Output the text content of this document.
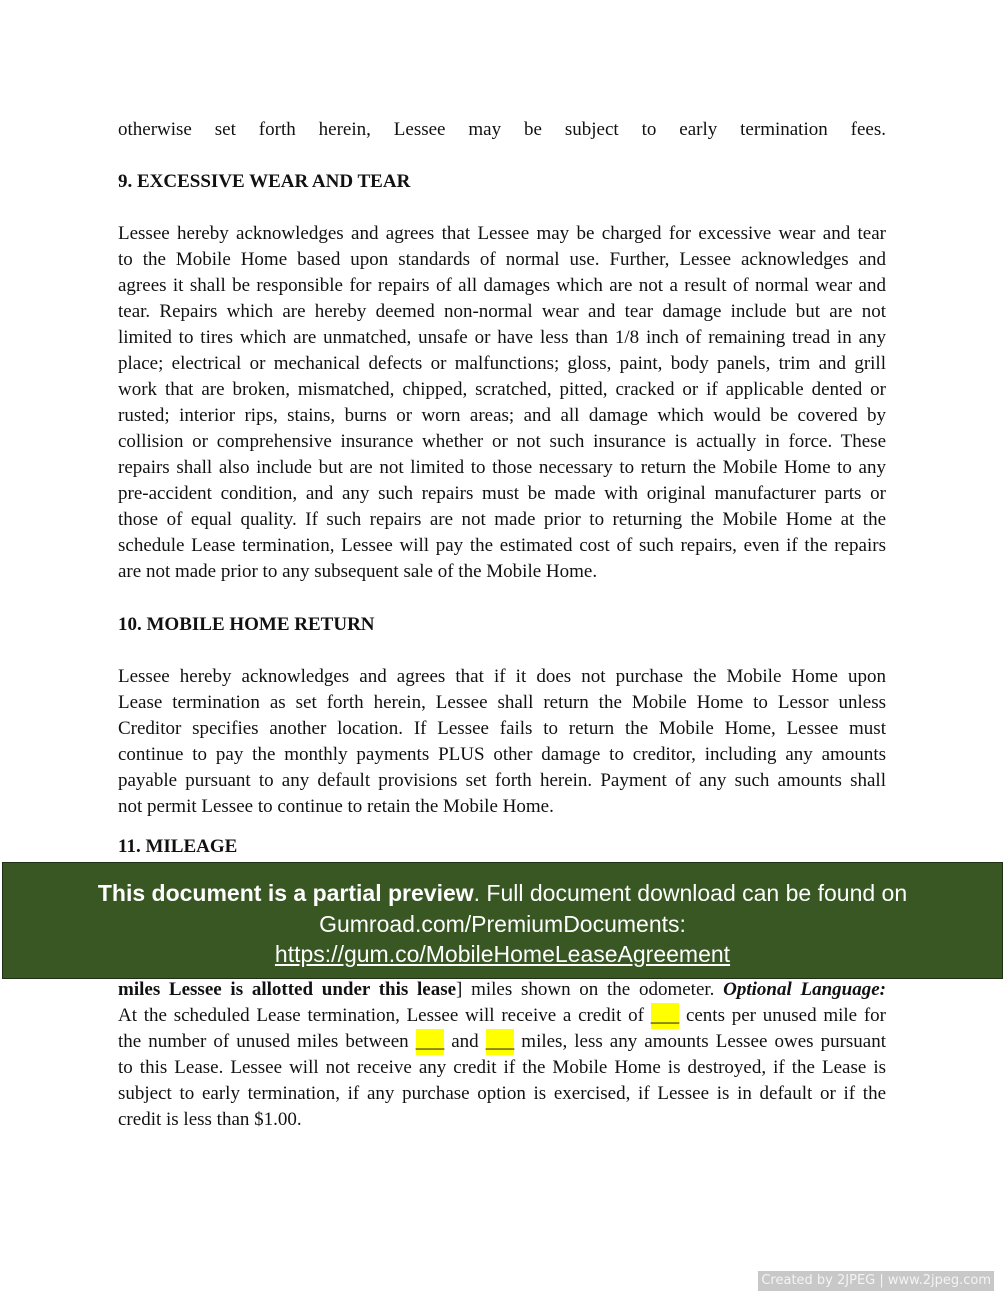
otherwise set forth herein, Lessee may be subject to early termination fees.
9. EXCESSIVE WEAR AND TEAR
Lessee hereby acknowledges and agrees that Lessee may be charged for excessive wear and tear
to the Mobile Home based upon standards of normal use. Further, Lessee acknowledges and
agrees it shall be responsible for repairs of all damages which are not a result of normal wear and
tear. Repairs which are hereby deemed non-normal wear and tear damage include but are not
limited to tires which are unmatched, unsafe or have less than 1/8 inch of remaining tread in any
place; electrical or mechanical defects or malfunctions; gloss, paint, body panels, trim and grill
work that are broken, mismatched, chipped, scratched, pitted, cracked or if applicable dented or
rusted; interior rips, stains, burns or worn areas; and all damage which would be covered by
collision or comprehensive insurance whether or not such insurance is actually in force. These
repairs shall also include but are not limited to those necessary to return the Mobile Home to any
pre-accident condition, and any such repairs must be made with original manufacturer parts or
those of equal quality. If such repairs are not made prior to returning the Mobile Home at the
schedule Lease termination, Lessee will pay the estimated cost of such repairs, even if the repairs
are not made prior to any subsequent sale of the Mobile Home.
10. MOBILE HOME RETURN
Lessee hereby acknowledges and agrees that if it does not purchase the Mobile Home upon
Lease termination as set forth herein, Lessee shall return the Mobile Home to Lessor unless
Creditor specifies another location. If Lessee fails to return the Mobile Home, Lessee must
continue to pay the monthly payments PLUS other damage to creditor, including any amounts
payable pursuant to any default provisions set forth herein. Payment of any such amounts shall
not permit Lessee to continue to retain the Mobile Home.
11. MILEAGE
miles Lessee is allotted under this lease] miles shown on the odometer. Optional Language:
At the scheduled Lease termination, Lessee will receive a credit of ___ cents per unused mile for
the number of unused miles between ___ and ___ miles, less any amounts Lessee owes pursuant
to this Lease. Lessee will not receive any credit if the Mobile Home is destroyed, if the Lease is
subject to early termination, if any purchase option is exercised, if Lessee is in default or if the
credit is less than $1.00.
This document is a partial preview. Full document download can be found on
Gumroad.com/PremiumDocuments:
https://gum.co/MobileHomeLeaseAgreement
Created by 2JPEG | www.2jpeg.com
